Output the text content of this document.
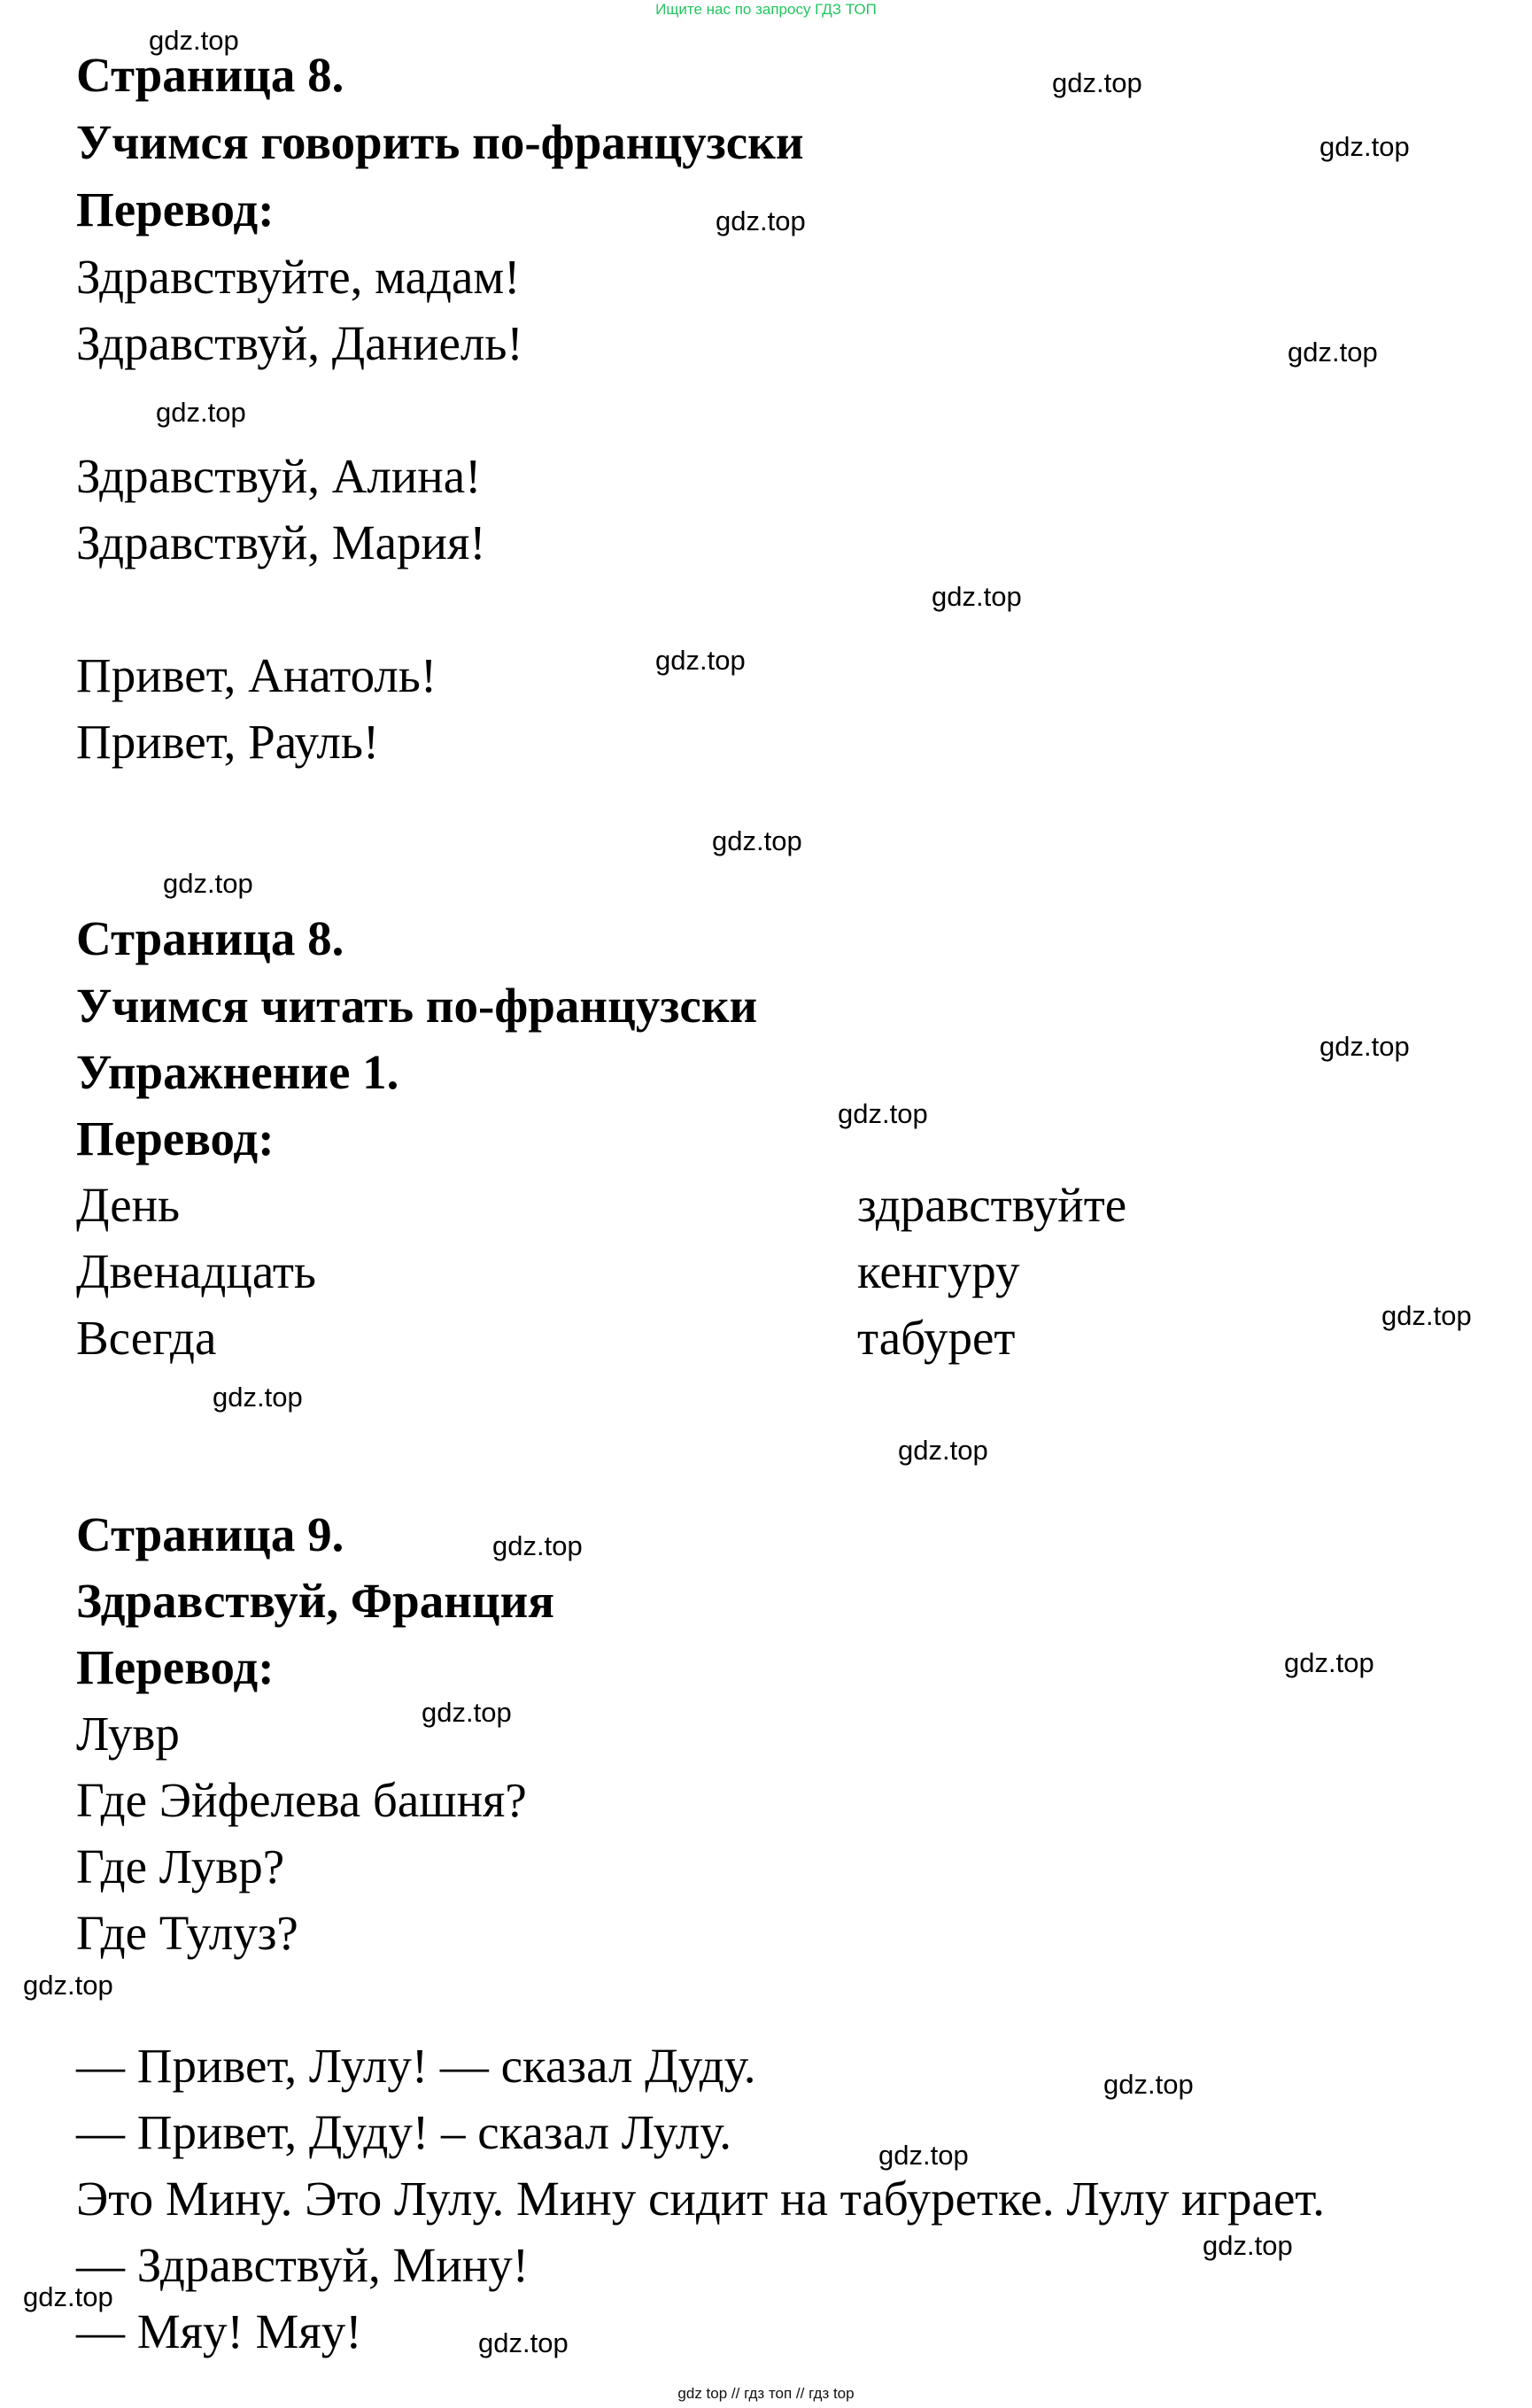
Ищите нас по запросу ГДЗ ТОП
Страница 8.
Учимся говорить по-французски
Перевод:
Здравствуйте, мадам!
Здравствуй, Даниель!
Здравствуй, Алина!
Здравствуй, Мария!
Привет, Анатоль!
Привет, Рауль!
Страница 8.
Учимся читать по-французски
Упражнение 1.
Перевод:
День
Двенадцать
Всегда
здравствуйте
кенгуру
табурет
Страница 9.
Здравствуй, Франция
Перевод:
Лувр
Где Эйфелева башня?
Где Лувр?
Где Тулуз?
— Привет, Лулу! — сказал Дуду.
— Привет, Дуду! – сказал Лулу.
Это Мину. Это Лулу. Мину сидит на табуретке. Лулу играет.
— Здравствуй, Мину!
— Мяу! Мяу!
gdz.top
gdz.top
gdz.top
gdz.top
gdz.top
gdz.top
gdz.top
gdz.top
gdz.top
gdz.top
gdz.top
gdz.top
gdz.top
gdz.top
gdz.top
gdz.top
gdz.top
gdz.top
gdz.top
gdz.top
gdz.top
gdz.top
gdz.top
gdz.top
gdz top // гдз топ // гдз top
